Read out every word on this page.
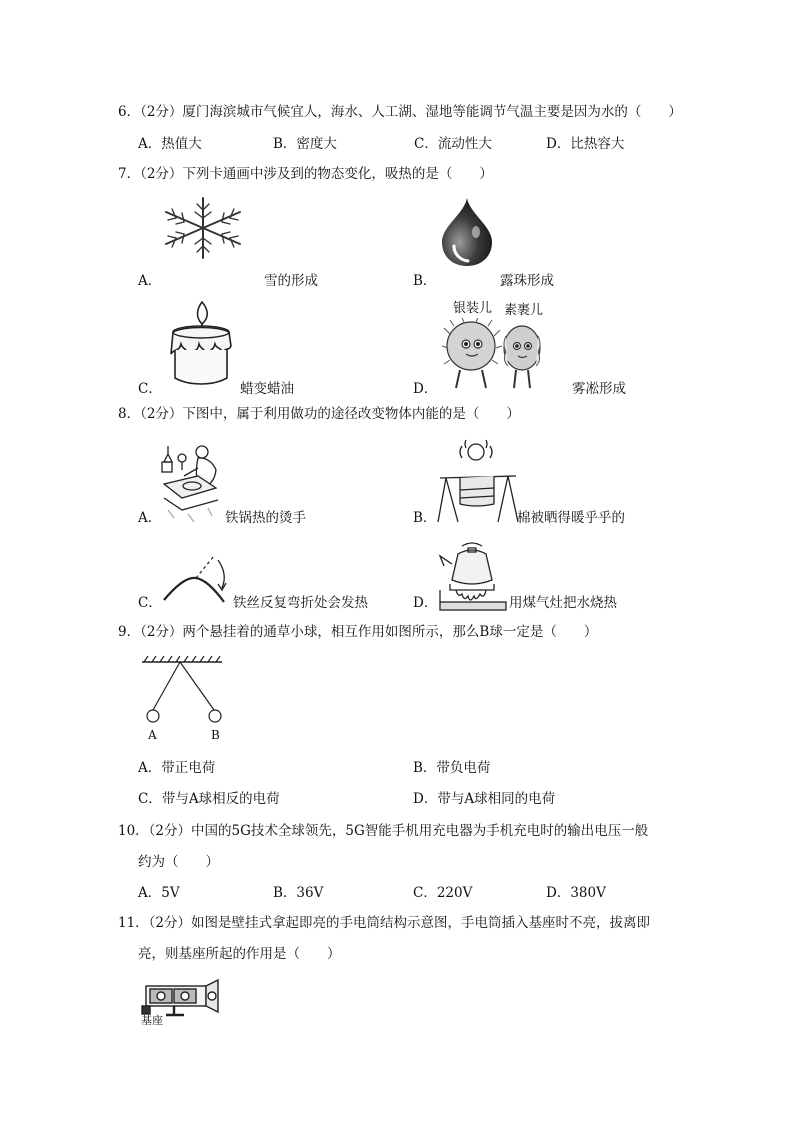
6．（2分）厦门海滨城市气候宜人，海水、人工湖、湿地等能调节气温主要是因为水的（　　）
A．热值大	B．密度大	C．流动性大	D．比热容大
7．（2分）下列卡通画中涉及到的物态变化，吸热的是（　　）
A．	雪的形成	B．	露珠形成
C．	蜡变蜡油
银装儿 素裹儿
D．	雾凇形成
8．（2分）下图中，属于利用做功的途径改变物体内能的是（　　）
A．	铁锅热的烫手	B．	棉被晒得暖乎乎的
C．	铁丝反复弯折处会发热	D．	用煤气灶把水烧热
9．（2分）两个悬挂着的通草小球，相互作用如图所示，那么B球一定是（　　）
A	B
A．带正电荷	B．带负电荷
C．带与A球相反的电荷	D．带与A球相同的电荷
10．（2分）中国的5G技术全球领先，5G智能手机用充电器为手机充电时的输出电压一般
约为（　　）
A．5V	B．36V	C．220V	D．380V
11．（2分）如图是壁挂式拿起即亮的手电筒结构示意图，手电筒插入基座时不亮，拔离即
亮，则基座所起的作用是（　　）
基座
